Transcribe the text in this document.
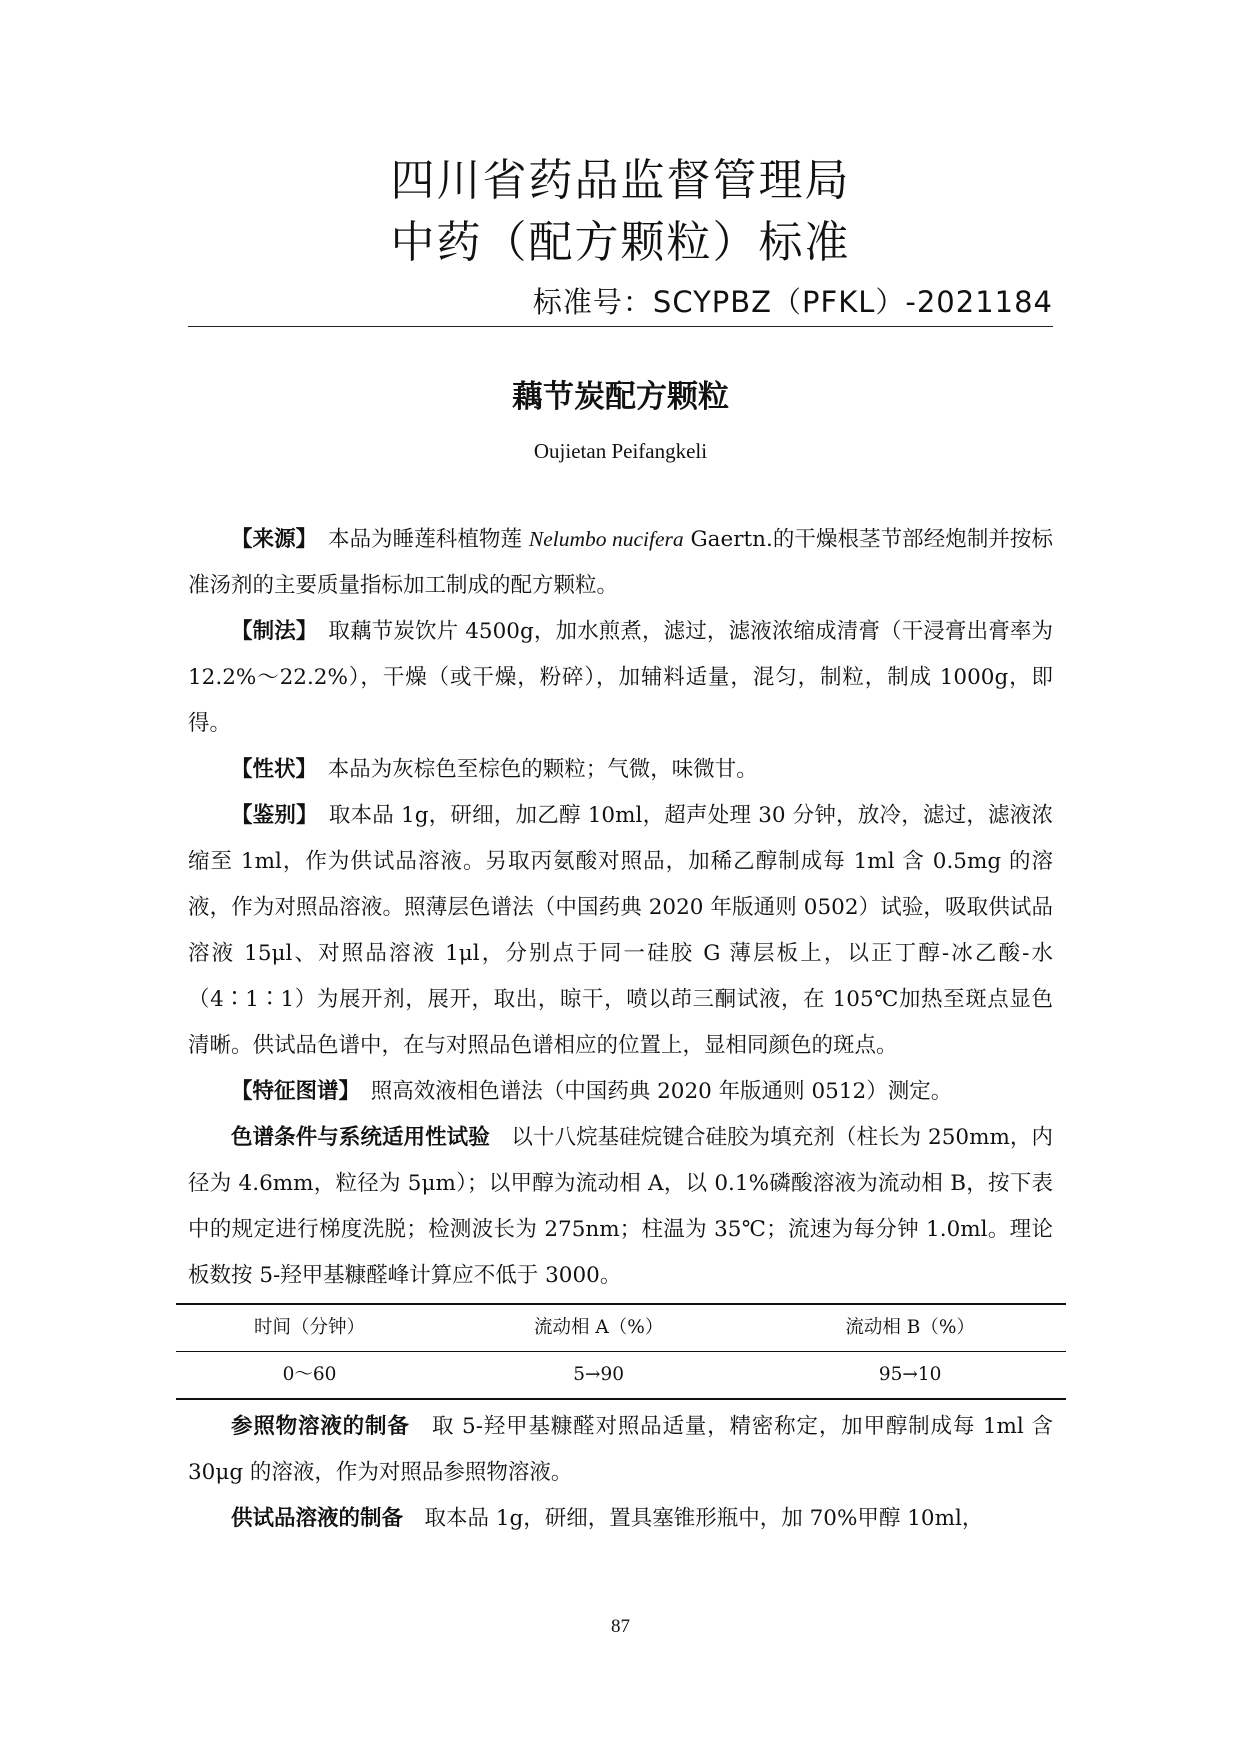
四川省药品监督管理局
中药（配方颗粒）标准
标准号：SCYPBZ（PFKL）-2021184
藕节炭配方颗粒
Oujietan Peifangkeli

【来源】　本品为睡莲科植物莲 Nelumbo nucifera Gaertn.的干燥根茎节部经炮制并按标准汤剂的主要质量指标加工制成的配方颗粒。

【制法】　取藕节炭饮片 4500g，加水煎煮，滤过，滤液浓缩成清膏（干浸膏出膏率为 12.2%～22.2%），干燥（或干燥，粉碎），加辅料适量，混匀，制粒，制成 1000g，即得。

【性状】　本品为灰棕色至棕色的颗粒；气微，味微甘。

【鉴别】　取本品 1g，研细，加乙醇 10ml，超声处理 30 分钟，放冷，滤过，滤液浓缩至 1ml，作为供试品溶液。另取丙氨酸对照品，加稀乙醇制成每 1ml 含 0.5mg 的溶液，作为对照品溶液。照薄层色谱法（中国药典 2020 年版通则 0502）试验，吸取供试品溶液 15μl、对照品溶液 1μl，分别点于同一硅胶 G 薄层板上，以正丁醇-冰乙酸-水（4∶1∶1）为展开剂，展开，取出，晾干，喷以茚三酮试液，在 105℃加热至斑点显色清晰。供试品色谱中，在与对照品色谱相应的位置上，显相同颜色的斑点。

【特征图谱】　照高效液相色谱法（中国药典 2020 年版通则 0512）测定。

色谱条件与系统适用性试验　以十八烷基硅烷键合硅胶为填充剂（柱长为 250mm，内径为 4.6mm，粒径为 5μm）；以甲醇为流动相 A，以 0.1%磷酸溶液为流动相 B，按下表中的规定进行梯度洗脱；检测波长为 275nm；柱温为 35℃；流速为每分钟 1.0ml。理论板数按 5-羟甲基糠醛峰计算应不低于 3000。

时间（分钟）	流动相 A（%）	流动相 B（%）
0～60	5→90	95→10

参照物溶液的制备　取 5-羟甲基糠醛对照品适量，精密称定，加甲醇制成每 1ml 含 30μg 的溶液，作为对照品参照物溶液。

供试品溶液的制备　取本品 1g，研细，置具塞锥形瓶中，加 70%甲醇 10ml，

87
